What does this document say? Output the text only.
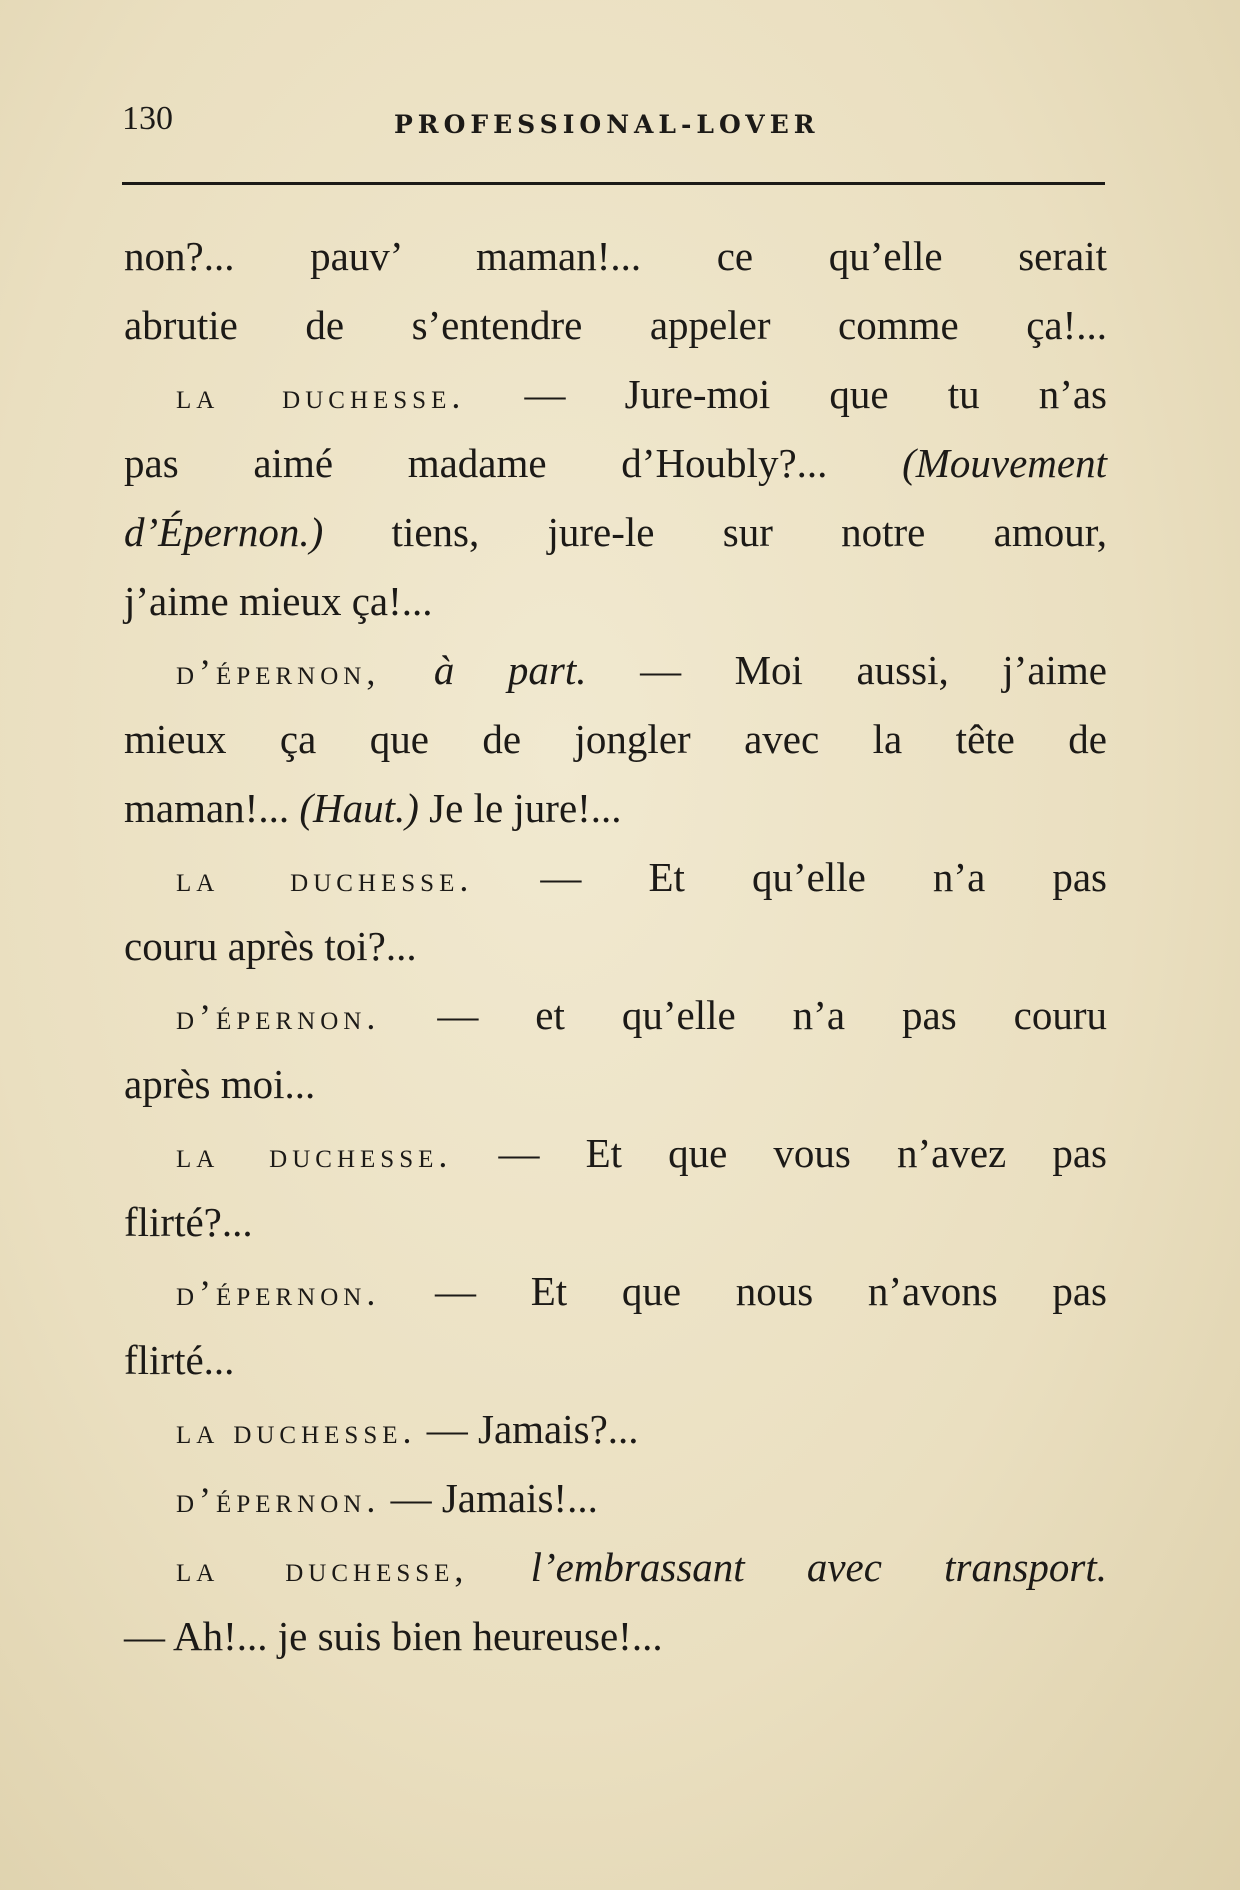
130	PROFESSIONAL-LOVER
non?... pauv’ maman!... ce qu’elle serait
abrutie de s’entendre appeler comme ça!...
la duchesse. — Jure-moi que tu n’as
pas aimé madame d’Houbly?... (Mouvement
d’Épernon.) tiens, jure-le sur notre amour,
j’aime mieux ça!...
d’épernon, à part. — Moi aussi, j’aime
mieux ça que de jongler avec la tête de
maman!... (Haut.) Je le jure!...
la duchesse. — Et qu’elle n’a pas
couru après toi?...
d’épernon. — et qu’elle n’a pas couru
après moi...
la duchesse. — Et que vous n’avez pas
flirté?...
d’épernon. — Et que nous n’avons pas
flirté...
la duchesse. — Jamais?...
d’épernon. — Jamais!...
la duchesse, l’embrassant avec transport.
— Ah!... je suis bien heureuse!...
